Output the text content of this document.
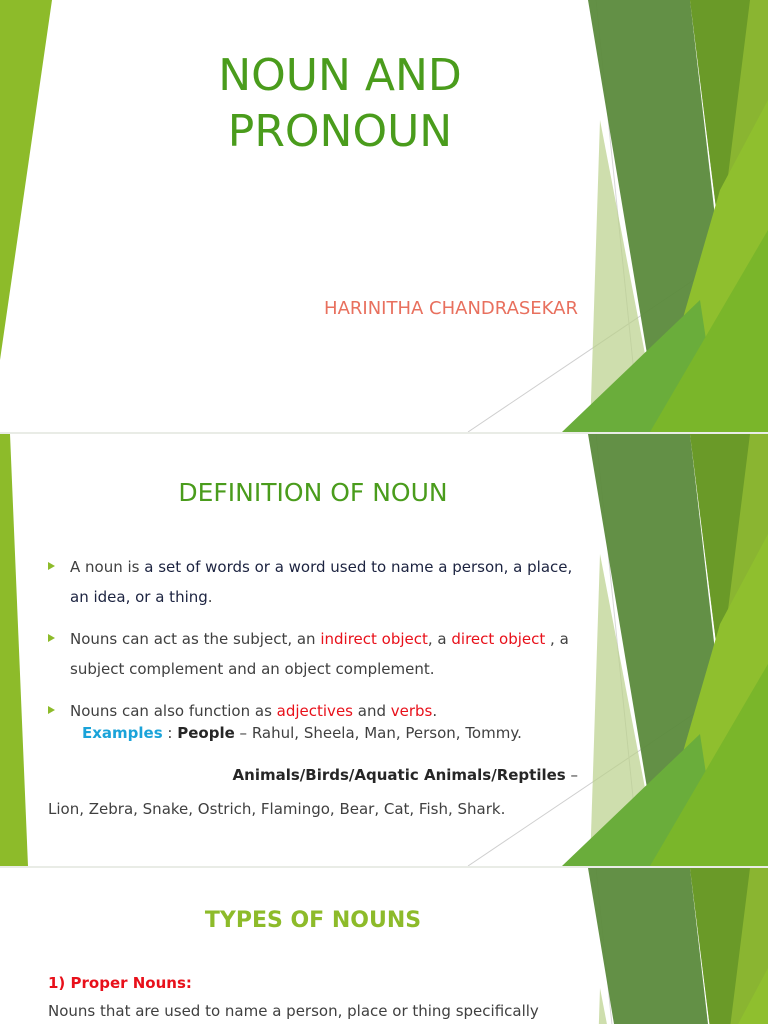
NOUN AND
PRONOUN
HARINITHA CHANDRASEKAR
DEFINITION OF NOUN
A noun is a set of words or a word used to name a person, a place, an idea, or a thing.
Nouns can act as the subject, an indirect object, a direct object , a subject complement and an object complement.
Nouns can also function as adjectives and verbs.
Examples : People – Rahul, Sheela, Man, Person, Tommy.
Animals/Birds/Aquatic Animals/Reptiles –
Lion, Zebra, Snake, Ostrich, Flamingo, Bear, Cat, Fish, Shark.
TYPES OF NOUNS
1) Proper Nouns:
Nouns that are used to name a person, place or thing specifically
